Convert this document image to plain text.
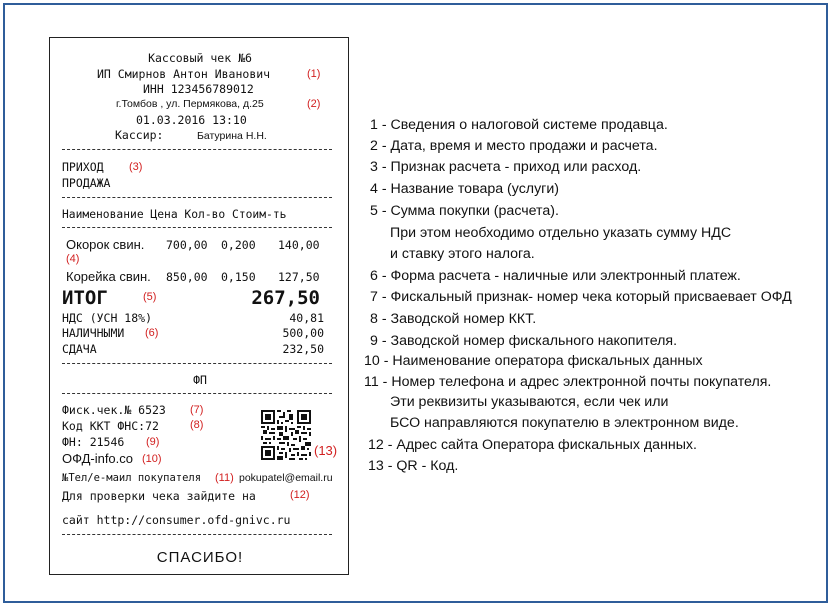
Кассовый чек №6
ИП Смирнов Антон Иванович	(1)
ИНН 123456789012
г.Томбов , ул. Пермякова, д.25	(2)
01.03.2016 13:10
Кассир:	Батурина Н.Н.
ПРИХОД (3)
ПРОДАЖА
Наименование Цена Кол-во Стоим-ть
Окорок свин. 700,00 0,200 140,00
(4)
Корейка свин. 850,00 0,150 127,50
ИТОГ	(5)	267,50
НДС (УСН 18%)	40,81
НАЛИЧНЫМИ (6)	500,00
СДАЧА	232,50
ФП
Фиск.чек.№ 6523 (7)
Код ККТ ФНС:72	(8)
ФН: 21546 (9)
ОФД-info.co (10)
(13)
№Тел/е-маил покупателя (11) pokupatel@email.ru
Для проверки чека зайдите на	(12)
сайт http://consumer.ofd-gnivc.ru
СПАСИБО!
1 - Сведения о налоговой системе продавца.
2 - Дата, время и место продажи и расчета.
3 - Признак расчета - приход или расход.
4 - Название товара (услуги)
5 - Сумма покупки (расчета).
При этом необходимо отдельно указать сумму НДС
и ставку этого налога.
6 - Форма расчета - наличные или электронный платеж.
7 - Фискальный признак- номер чека который присваевает ОФД
8 - Заводской номер ККТ.
9 - Заводской номер фискального накопителя.
10 - Наименование оператора фискальных данных
11 - Номер телефона и адрес электронной почты покупателя.
Эти реквизиты указываются, если чек или
БСО направляются покупателю в электронном виде.
12 - Адрес сайта Оператора фискальных данных.
13 - QR - Код.
